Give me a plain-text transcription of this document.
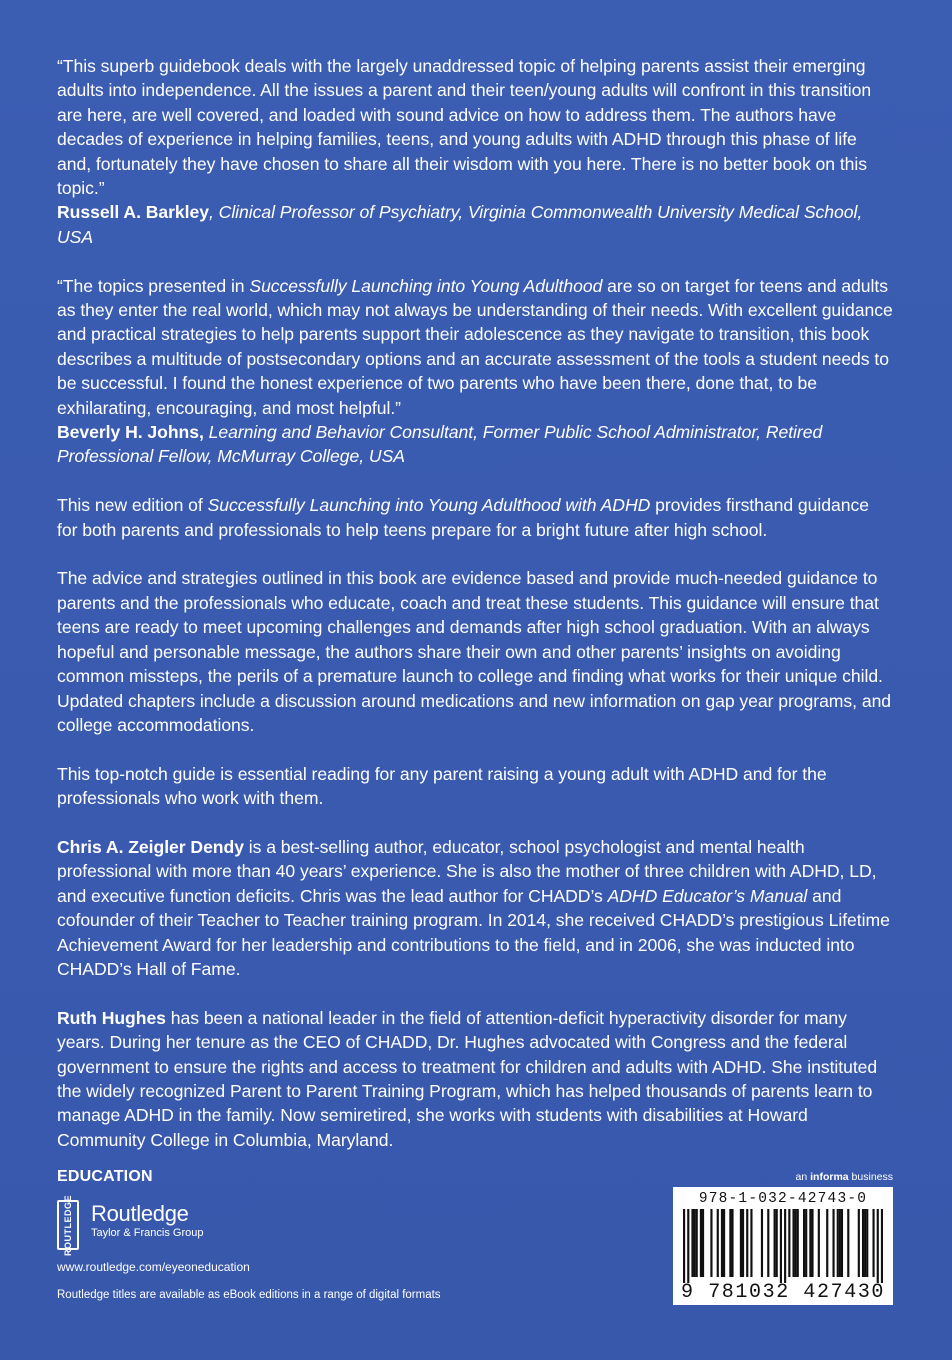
“This superb guidebook deals with the largely unaddressed topic of helping parents assist their emerging adults into independence. All the issues a parent and their teen/young adults will confront in this transition are here, are well covered, and loaded with sound advice on how to address them. The authors have decades of experience in helping families, teens, and young adults with ADHD through this phase of life and, fortunately they have chosen to share all their wisdom with you here. There is no better book on this topic.”

Russell A. Barkley, Clinical Professor of Psychiatry, Virginia Commonwealth University Medical School, USA

“The topics presented in Successfully Launching into Young Adulthood are so on target for teens and adults as they enter the real world, which may not always be understanding of their needs. With excellent guidance and practical strategies to help parents support their adolescence as they navigate to transition, this book describes a multitude of postsecondary options and an accurate assessment of the tools a student needs to be successful. I found the honest experience of two parents who have been there, done that, to be exhilarating, encouraging, and most helpful.”

Beverly H. Johns, Learning and Behavior Consultant, Former Public School Administrator, Retired Professional Fellow, McMurray College, USA

This new edition of Successfully Launching into Young Adulthood with ADHD provides firsthand guidance for both parents and professionals to help teens prepare for a bright future after high school.

The advice and strategies outlined in this book are evidence based and provide much-needed guidance to parents and the professionals who educate, coach and treat these students. This guidance will ensure that teens are ready to meet upcoming challenges and demands after high school graduation. With an always hopeful and personable message, the authors share their own and other parents’ insights on avoiding common missteps, the perils of a premature launch to college and finding what works for their unique child. Updated chapters include a discussion around medications and new information on gap year programs, and college accommodations.

This top-notch guide is essential reading for any parent raising a young adult with ADHD and for the professionals who work with them.

Chris A. Zeigler Dendy is a best-selling author, educator, school psychologist and mental health professional with more than 40 years’ experience. She is also the mother of three children with ADHD, LD, and executive function deficits. Chris was the lead author for CHADD’s ADHD Educator’s Manual and cofounder of their Teacher to Teacher training program. In 2014, she received CHADD’s prestigious Lifetime Achievement Award for her leadership and contributions to the field, and in 2006, she was inducted into CHADD’s Hall of Fame.

Ruth Hughes has been a national leader in the field of attention-deficit hyperactivity disorder for many years. During her tenure as the CEO of CHADD, Dr. Hughes advocated with Congress and the federal government to ensure the rights and access to treatment for children and adults with ADHD. She instituted the widely recognized Parent to Parent Training Program, which has helped thousands of parents learn to manage ADHD in the family. Now semiretired, she works with students with disabilities at Howard Community College in Columbia, Maryland.

EDUCATION
ROUTLEDGE Routledge
Taylor & Francis Group
www.routledge.com/eyeoneducation
Routledge titles are available as eBook editions in a range of digital formats
an informa business
978-1-032-42743-0
9 781032 427430
